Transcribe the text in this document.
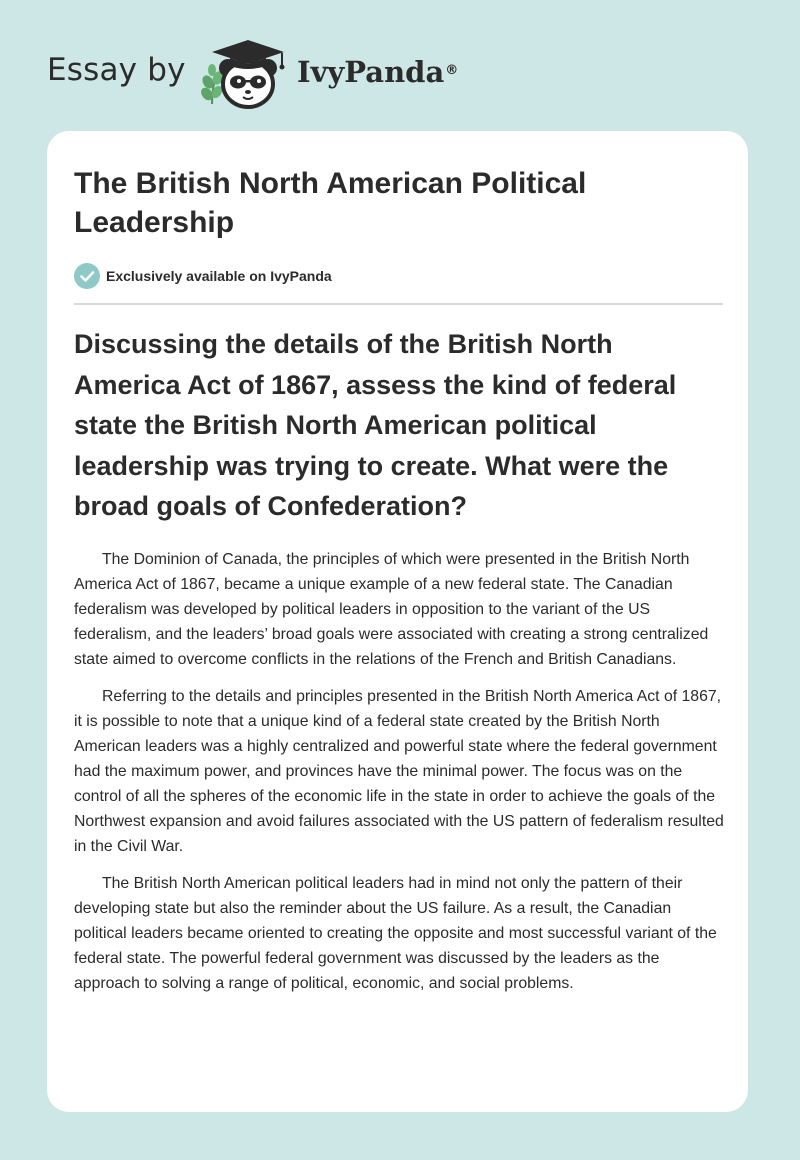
Essay by	IvyPanda®
The British North American Political Leadership
Exclusively available on IvyPanda
Discussing the details of the British North America Act of 1867, assess the kind of federal state the British North American political leadership was trying to create. What were the broad goals of Confederation?

The Dominion of Canada, the principles of which were presented in the British North America Act of 1867, became a unique example of a new federal state. The Canadian federalism was developed by political leaders in opposition to the variant of the US federalism, and the leaders’ broad goals were associated with creating a strong centralized state aimed to overcome conflicts in the relations of the French and British Canadians.

Referring to the details and principles presented in the British North America Act of 1867, it is possible to note that a unique kind of a federal state created by the British North American leaders was a highly centralized and powerful state where the federal government had the maximum power, and provinces have the minimal power. The focus was on the control of all the spheres of the economic life in the state in order to achieve the goals of the Northwest expansion and avoid failures associated with the US pattern of federalism resulted in the Civil War.

The British North American political leaders had in mind not only the pattern of their developing state but also the reminder about the US failure. As a result, the Canadian political leaders became oriented to creating the opposite and most successful variant of the federal state. The powerful federal government was discussed by the leaders as the approach to solving a range of political, economic, and social problems.
